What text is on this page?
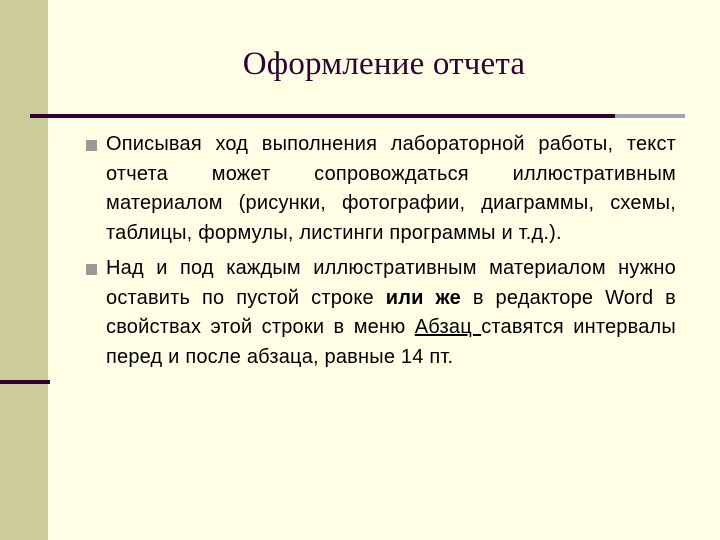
Оформление отчета
Описывая ход выполнения лабораторной работы, текст отчета может сопровождаться иллюстративным материалом (рисунки, фотографии, диаграммы, схемы, таблицы, формулы, листинги программы и т.д.).
Над и под каждым иллюстративным материалом нужно оставить по пустой строке или же в редакторе Word в свойствах этой строки в меню Абзац ставятся интервалы перед и после абзаца, равные 14 пт.
